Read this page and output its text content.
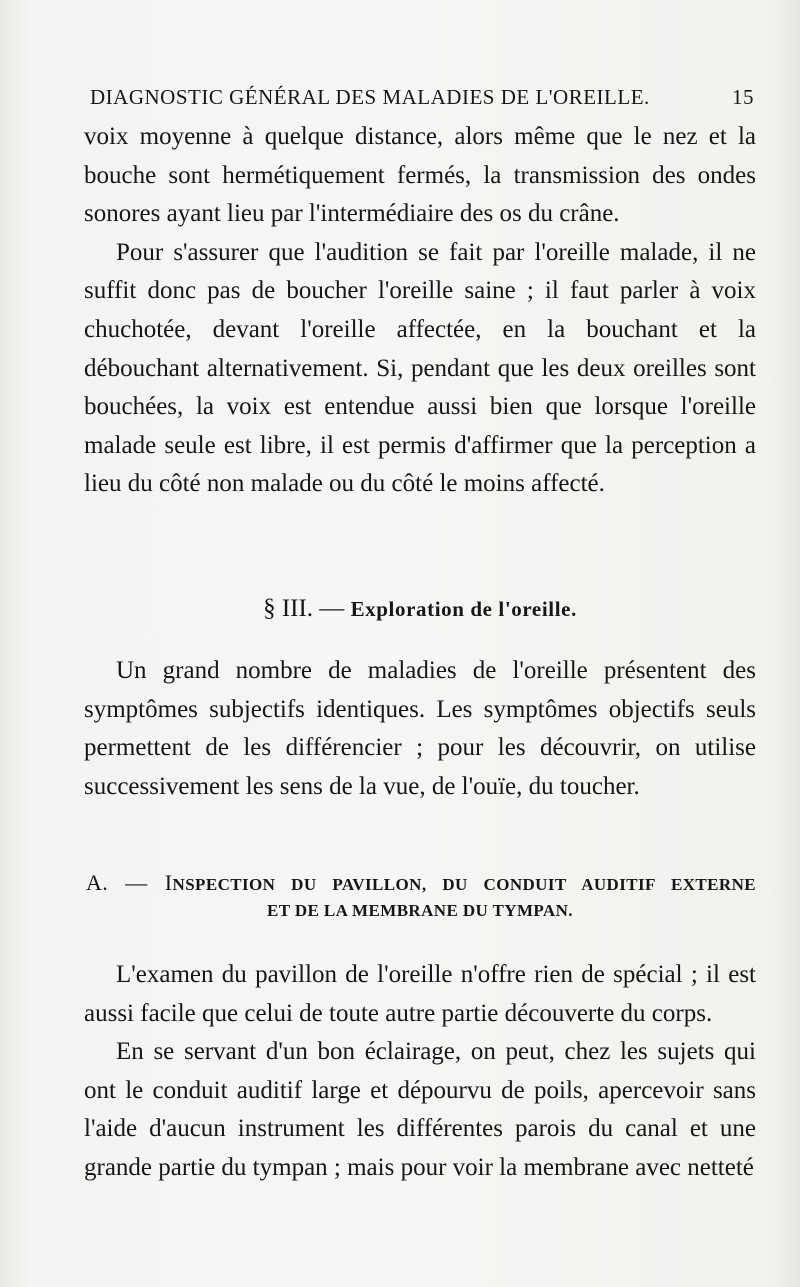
DIAGNOSTIC GÉNÉRAL DES MALADIES DE L'OREILLE.	15

voix moyenne à quelque distance, alors même que le nez et la bouche sont hermétiquement fermés, la transmission des ondes sonores ayant lieu par l'intermédiaire des os du crâne.

Pour s'assurer que l'audition se fait par l'oreille malade, il ne suffit donc pas de boucher l'oreille saine ; il faut parler à voix chuchotée, devant l'oreille affectée, en la bouchant et la débouchant alternativement. Si, pendant que les deux oreilles sont bouchées, la voix est entendue aussi bien que lorsque l'oreille malade seule est libre, il est permis d'affirmer que la perception a lieu du côté non malade ou du côté le moins affecté.

§ III. — Exploration de l'oreille.

Un grand nombre de maladies de l'oreille présentent des symptômes subjectifs identiques. Les symptômes objectifs seuls permettent de les différencier ; pour les découvrir, on utilise successivement les sens de la vue, de l'ouïe, du toucher.

A. — INSPECTION DU PAVILLON, DU CONDUIT AUDITIF EXTERNE
ET DE LA MEMBRANE DU TYMPAN.

L'examen du pavillon de l'oreille n'offre rien de spécial ; il est aussi facile que celui de toute autre partie découverte du corps.

En se servant d'un bon éclairage, on peut, chez les sujets qui ont le conduit auditif large et dépourvu de poils, apercevoir sans l'aide d'aucun instrument les différentes parois du canal et une grande partie du tympan ; mais pour voir la membrane avec netteté
